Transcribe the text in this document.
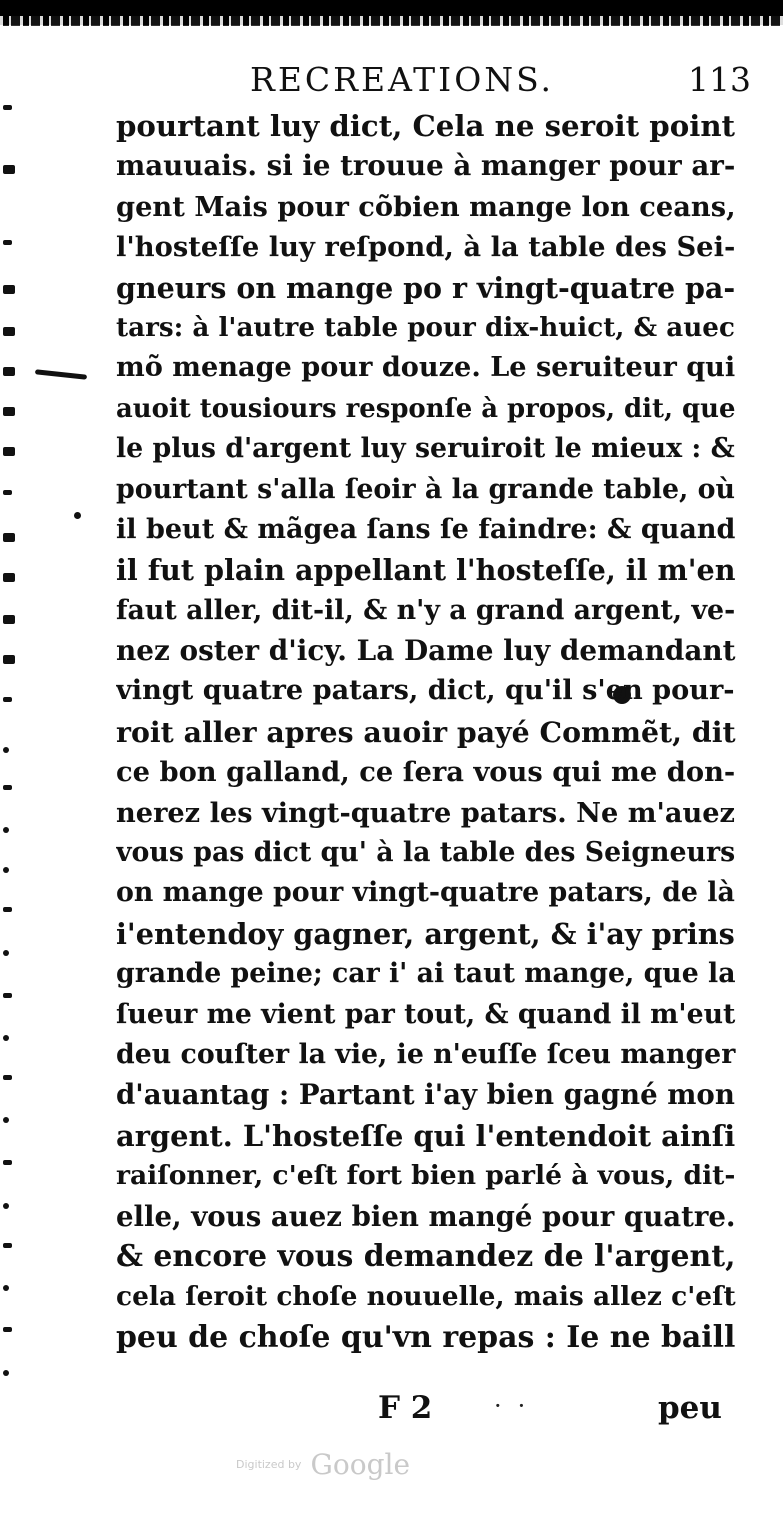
RECREATIONS.	113
pourtant luy dict, Cela ne seroit point
mauuais. si ie trouue à manger pour ar-
gent Mais pour cõbien mange lon ceans,
l'hosteſſe luy reſpond, à la table des Sei-
gneurs on mange po r vingt-quatre pa-
tars: à l'autre table pour dix-huict, & auec
mõ menage pour douze. Le seruiteur qui
auoit tousiours responſe à propos, dit, que
le plus d'argent luy seruiroit le mieux : &
pourtant s'alla ſeoir à la grande table, où
il beut & mãgea ſans ſe faindre: & quand
il fut plain appellant l'hosteſſe, il m'en
faut aller, dit-il, & n'y a grand argent, ve-
nez oster d'icy. La Dame luy demandant
vingt quatre patars, dict, qu'il s'en pour-
roit aller apres auoir payé Commẽt, dit
ce bon galland, ce ſera vous qui me don-
nerez les vingt-quatre patars. Ne m'auez
vous pas dict qu' à la table des Seigneurs
on mange pour vingt-quatre patars, de là
i'entendoy gagner, argent, & i'ay prins
grande peine; car i' ai taut mange, que la
ſueur me vient par tout, & quand il m'eut
deu couſter la vie, ie n'euſſe ſceu manger
d'auantag : Partant i'ay bien gagné mon
argent. L'hosteſſe qui l'entendoit ainſi
raiſonner, c'eſt fort bien parlé à vous, dit-
elle, vous auez bien mangé pour quatre.
& encore vous demandez de l'argent,
cela ſeroit choſe nouuelle, mais allez c'eſt
peu de choſe qu'vn repas : Ie ne baill
F 2	··	peu
Digitized by Google
